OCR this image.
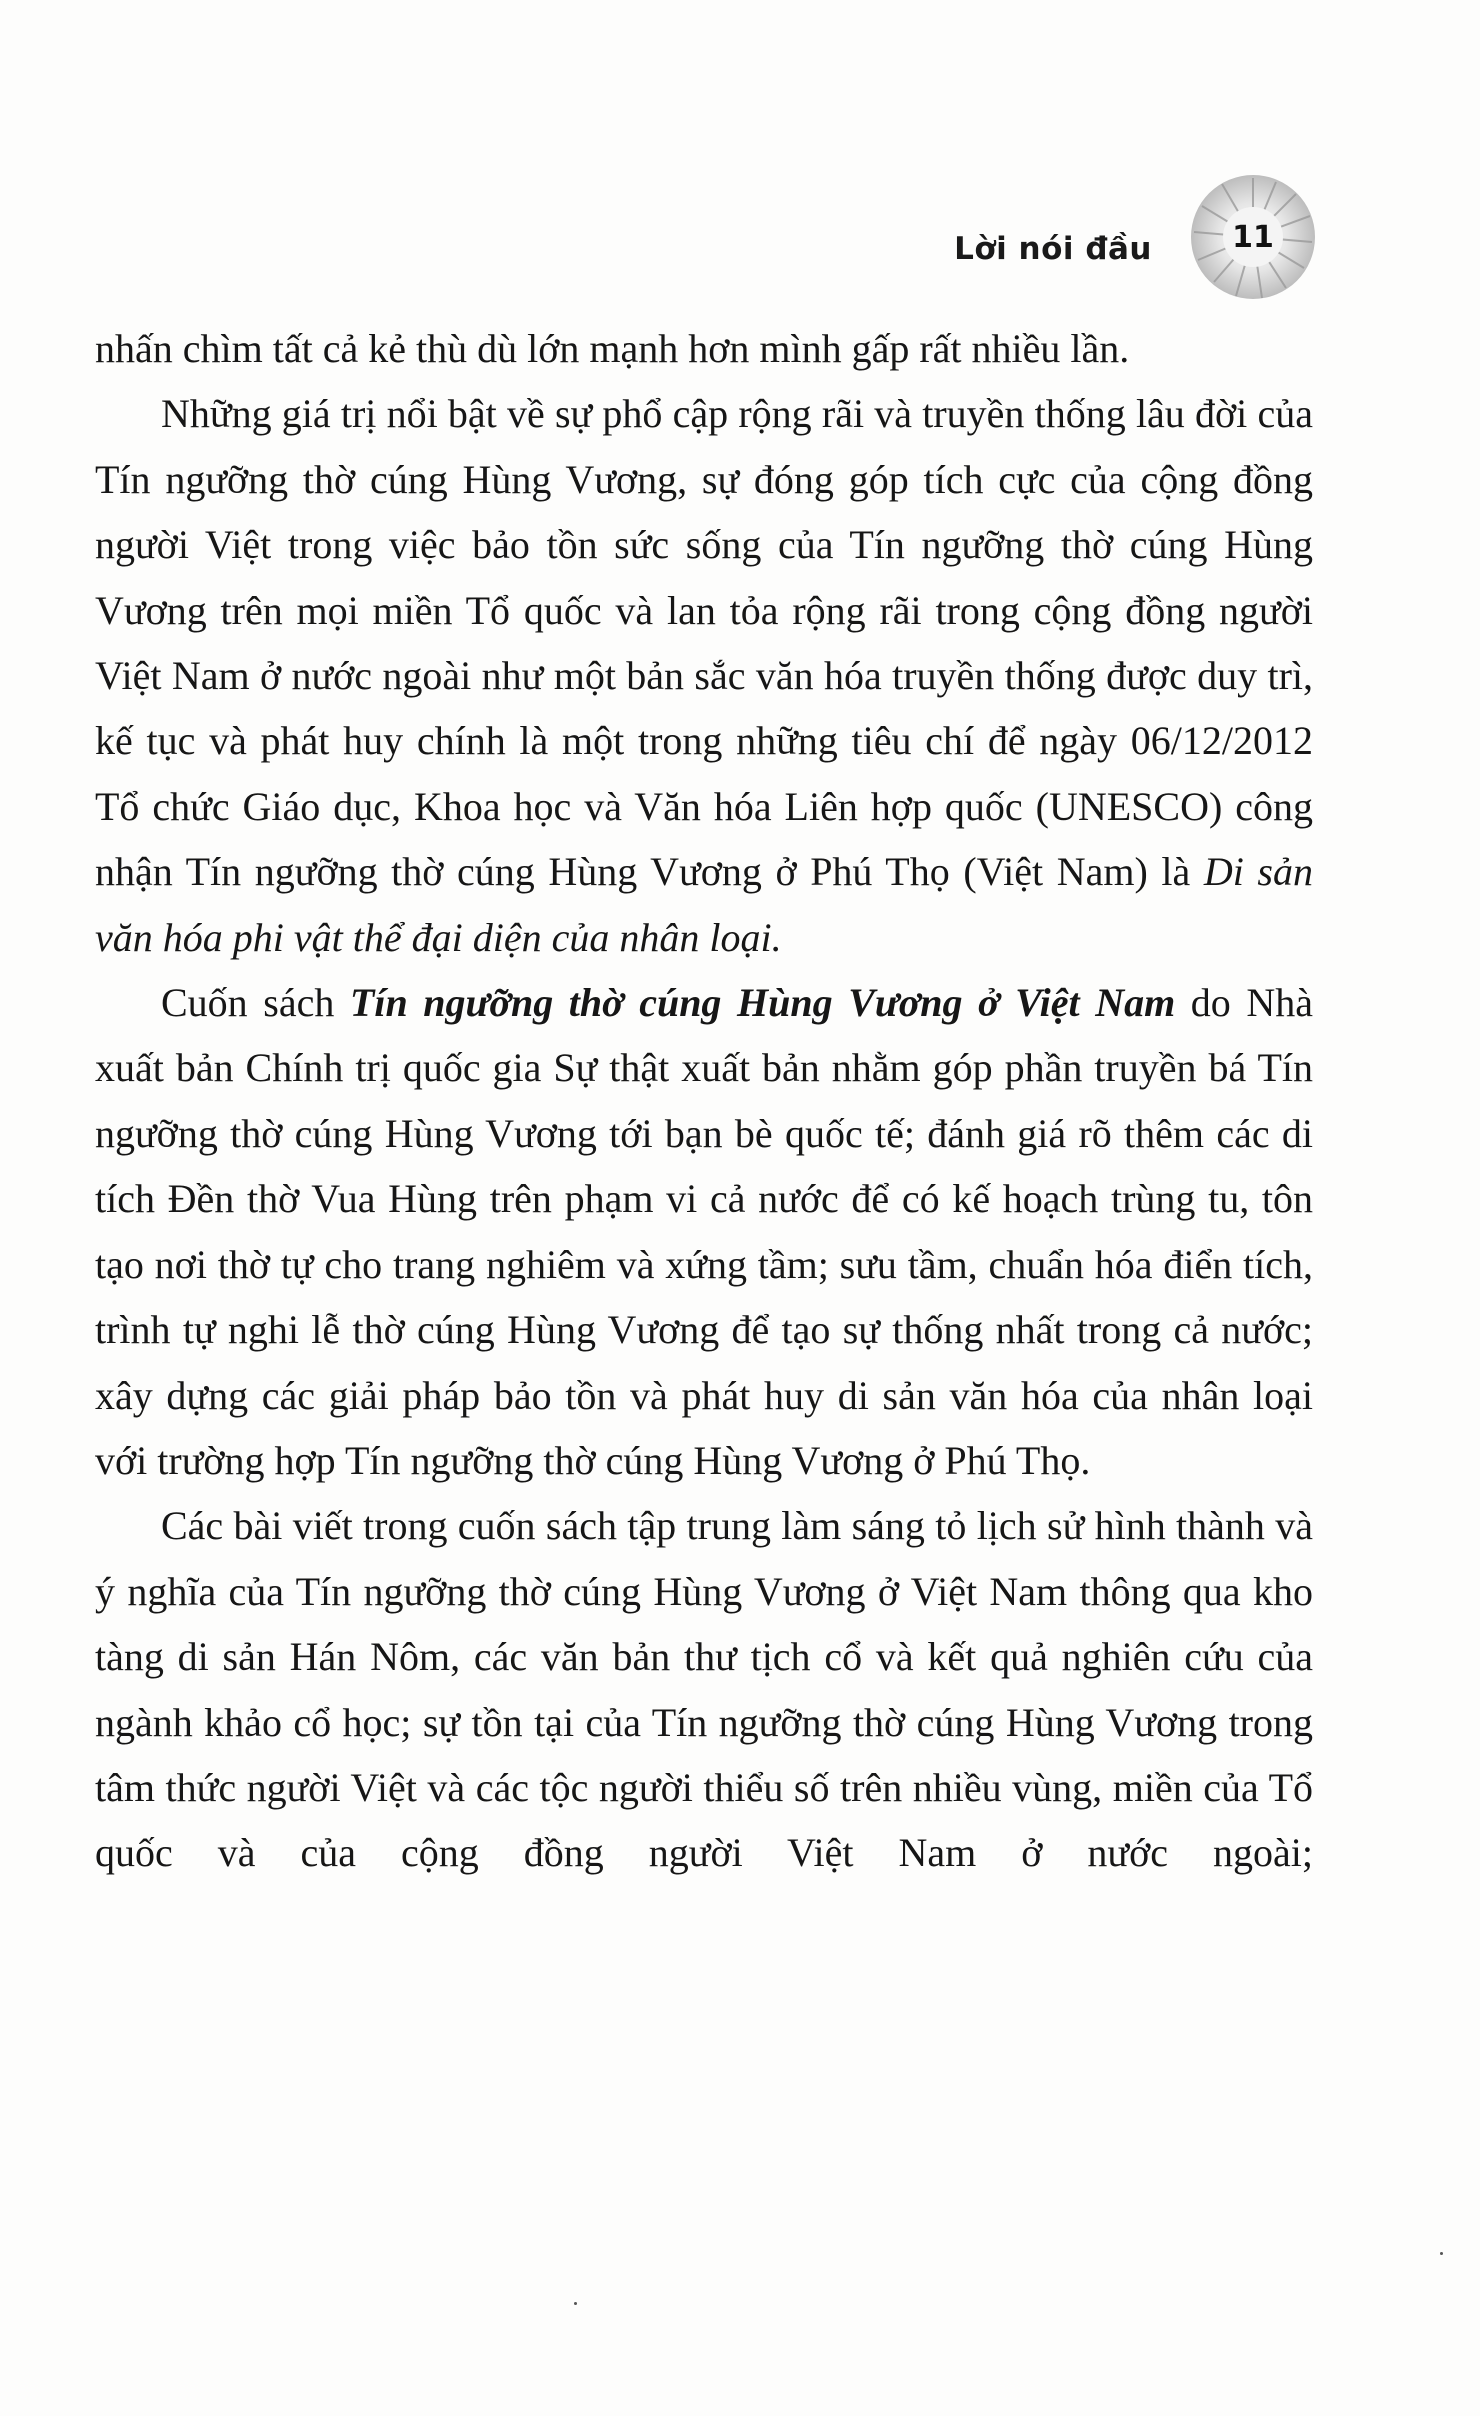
Lời nói đầu	11

nhấn chìm tất cả kẻ thù dù lớn mạnh hơn mình gấp rất nhiều lần.

Những giá trị nổi bật về sự phổ cập rộng rãi và truyền thống lâu đời của Tín ngưỡng thờ cúng Hùng Vương, sự đóng góp tích cực của cộng đồng người Việt trong việc bảo tồn sức sống của Tín ngưỡng thờ cúng Hùng Vương trên mọi miền Tổ quốc và lan tỏa rộng rãi trong cộng đồng người Việt Nam ở nước ngoài như một bản sắc văn hóa truyền thống được duy trì, kế tục và phát huy chính là một trong những tiêu chí để ngày 06/12/2012 Tổ chức Giáo dục, Khoa học và Văn hóa Liên hợp quốc (UNESCO) công nhận Tín ngưỡng thờ cúng Hùng Vương ở Phú Thọ (Việt Nam) là Di sản văn hóa phi vật thể đại diện của nhân loại.

Cuốn sách Tín ngưỡng thờ cúng Hùng Vương ở Việt Nam do Nhà xuất bản Chính trị quốc gia Sự thật xuất bản nhằm góp phần truyền bá Tín ngưỡng thờ cúng Hùng Vương tới bạn bè quốc tế; đánh giá rõ thêm các di tích Đền thờ Vua Hùng trên phạm vi cả nước để có kế hoạch trùng tu, tôn tạo nơi thờ tự cho trang nghiêm và xứng tầm; sưu tầm, chuẩn hóa điển tích, trình tự nghi lễ thờ cúng Hùng Vương để tạo sự thống nhất trong cả nước; xây dựng các giải pháp bảo tồn và phát huy di sản văn hóa của nhân loại với trường hợp Tín ngưỡng thờ cúng Hùng Vương ở Phú Thọ.

Các bài viết trong cuốn sách tập trung làm sáng tỏ lịch sử hình thành và ý nghĩa của Tín ngưỡng thờ cúng Hùng Vương ở Việt Nam thông qua kho tàng di sản Hán Nôm, các văn bản thư tịch cổ và kết quả nghiên cứu của ngành khảo cổ học; sự tồn tại của Tín ngưỡng thờ cúng Hùng Vương trong tâm thức người Việt và các tộc người thiểu số trên nhiều vùng, miền của Tổ quốc và của cộng đồng người Việt Nam ở nước ngoài;
